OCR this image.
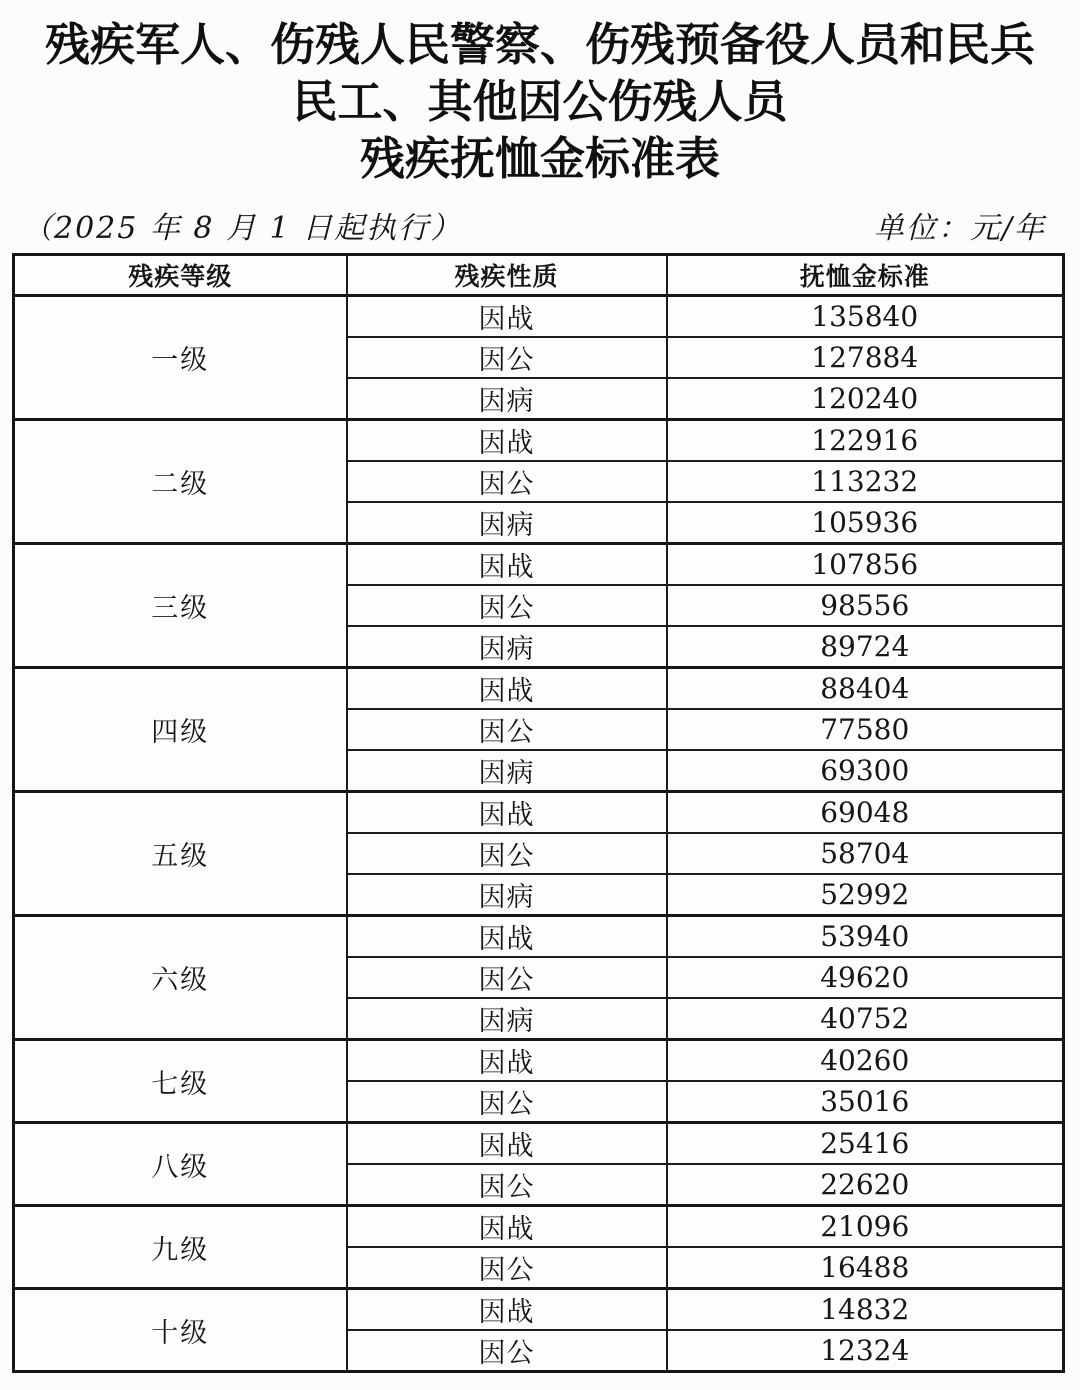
残疾军人、伤残人民警察、伤残预备役人员和民兵
民工、其他因公伤残人员
残疾抚恤金标准表
（2025 年 8 月 1 日起执行）	单位：元/年
残疾等级	残疾性质	抚恤金标准
一级	因战	135840
	因公	127884
	因病	120240
二级	因战	122916
	因公	113232
	因病	105936
三级	因战	107856
	因公	98556
	因病	89724
四级	因战	88404
	因公	77580
	因病	69300
五级	因战	69048
	因公	58704
	因病	52992
六级	因战	53940
	因公	49620
	因病	40752
七级	因战	40260
	因公	35016
八级	因战	25416
	因公	22620
九级	因战	21096
	因公	16488
十级	因战	14832
	因公	12324
